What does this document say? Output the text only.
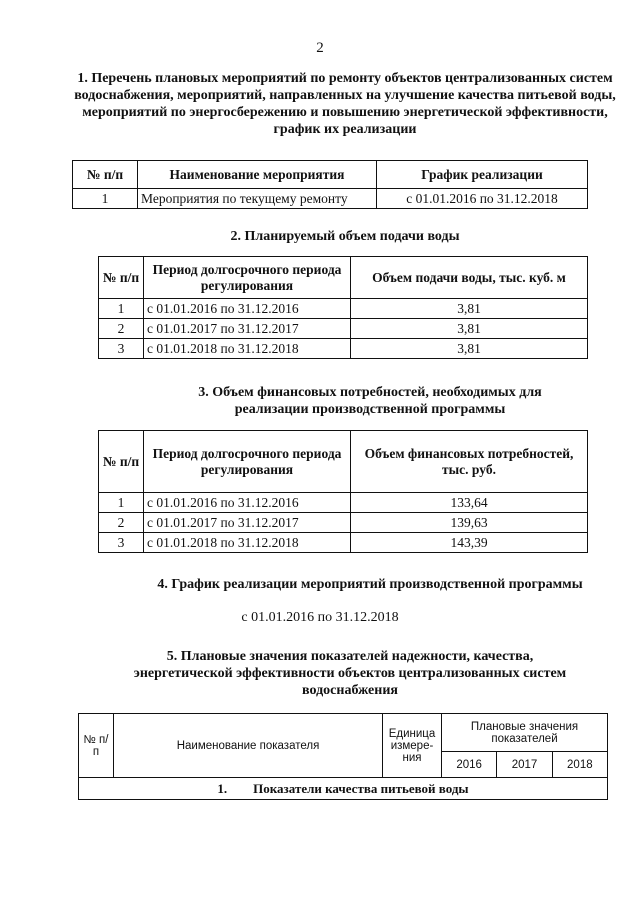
2
1. Перечень плановых мероприятий по ремонту объектов централизованных систем водоснабжения, мероприятий, направленных на улучшение качества питьевой воды, мероприятий по энергосбережению и повышению энергетической эффективности, график их реализации
№ п/п	Наименование мероприятия	График реализации
1	Мероприятия по текущему ремонту	с 01.01.2016 по 31.12.2018
2. Планируемый объем подачи воды
№ п/п	Период долгосрочного периода регулирования	Объем подачи воды, тыс. куб. м
1	с 01.01.2016 по 31.12.2016	3,81
2	с 01.01.2017 по 31.12.2017	3,81
3	с 01.01.2018 по 31.12.2018	3,81
3. Объем финансовых потребностей, необходимых для реализации производственной программы
№ п/п	Период долгосрочного периода регулирования	Объем финансовых потребностей, тыс. руб.
1	с 01.01.2016 по 31.12.2016	133,64
2	с 01.01.2017 по 31.12.2017	139,63
3	с 01.01.2018 по 31.12.2018	143,39
4. График реализации мероприятий производственной программы
с 01.01.2016 по 31.12.2018
5. Плановые значения показателей надежности, качества, энергетической эффективности объектов централизованных систем водоснабжения
№ п/п	Наименование показателя	Единица измере-ния	Плановые значения показателей		
			2016	2017	2018
1.        Показатели качества питьевой воды					
